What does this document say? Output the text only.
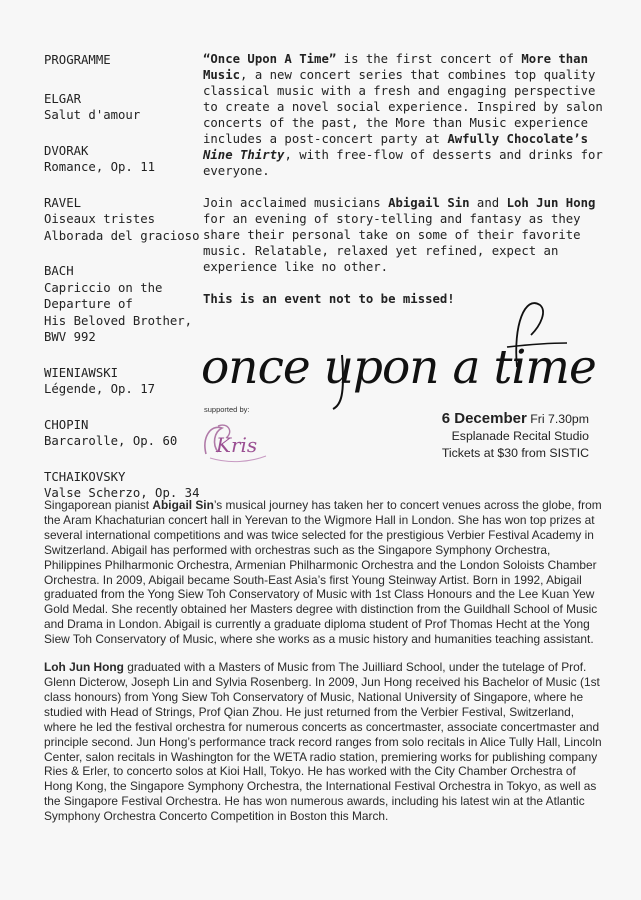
PROGRAMME
ELGAR
Salut d'amour
DVORAK
Romance, Op. 11
RAVEL
Oiseaux tristes
Alborada del gracioso
BACH
Capriccio on the
Departure of
His Beloved Brother,
BWV 992
WIENIAWSKI
Légende, Op. 17
CHOPIN
Barcarolle, Op. 60
TCHAIKOVSKY
Valse Scherzo, Op. 34

“Once Upon A Time” is the first concert of More than Music, a new concert series that combines top quality classical music with a fresh and engaging perspective to create a novel social experience. Inspired by salon concerts of the past, the More than Music experience includes a post-concert party at Awfully Chocolate’s Nine Thirty, with free-flow of desserts and drinks for everyone.

Join acclaimed musicians Abigail Sin and Loh Jun Hong for an evening of story-telling and fantasy as they share their personal take on some of their favorite music. Relatable, relaxed yet refined, expect an experience like no other.

This is an event not to be missed!

once upon a time
supported by:
Kris
6 December Fri 7.30pm
Esplanade Recital Studio
Tickets at $30 from SISTIC

Singaporean pianist Abigail Sin’s musical journey has taken her to concert venues across the globe, from the Aram Khachaturian concert hall in Yerevan to the Wigmore Hall in London. She has won top prizes at several international competitions and was twice selected for the prestigious Verbier Festival Academy in Switzerland. Abigail has performed with orchestras such as the Singapore Symphony Orchestra, Philippines Philharmonic Orchestra, Armenian Philharmonic Orchestra and the London Soloists Chamber Orchestra. In 2009, Abigail became South-East Asia’s first Young Steinway Artist. Born in 1992, Abigail graduated from the Yong Siew Toh Conservatory of Music with 1st Class Honours and the Lee Kuan Yew Gold Medal. She recently obtained her Masters degree with distinction from the Guildhall School of Music and Drama in London. Abigail is currently a graduate diploma student of Prof Thomas Hecht at the Yong Siew Toh Conservatory of Music, where she works as a music history and humanities teaching assistant.

Loh Jun Hong graduated with a Masters of Music from The Juilliard School, under the tutelage of Prof. Glenn Dicterow, Joseph Lin and Sylvia Rosenberg. In 2009, Jun Hong received his Bachelor of Music (1st class honours) from Yong Siew Toh Conservatory of Music, National University of Singapore, where he studied with Head of Strings, Prof Qian Zhou. He just returned from the Verbier Festival, Switzerland, where he led the festival orchestra for numerous concerts as concertmaster, associate concertmaster and principle second. Jun Hong’s performance track record ranges from solo recitals in Alice Tully Hall, Lincoln Center, salon recitals in Washington for the WETA radio station, premiering works for publishing company Ries & Erler, to concerto solos at Kioi Hall, Tokyo. He has worked with the City Chamber Orchestra of Hong Kong, the Singapore Symphony Orchestra, the International Festival Orchestra in Tokyo, as well as the Singapore Festival Orchestra. He has won numerous awards, including his latest win at the Atlantic Symphony Orchestra Concerto Competition in Boston this March.
